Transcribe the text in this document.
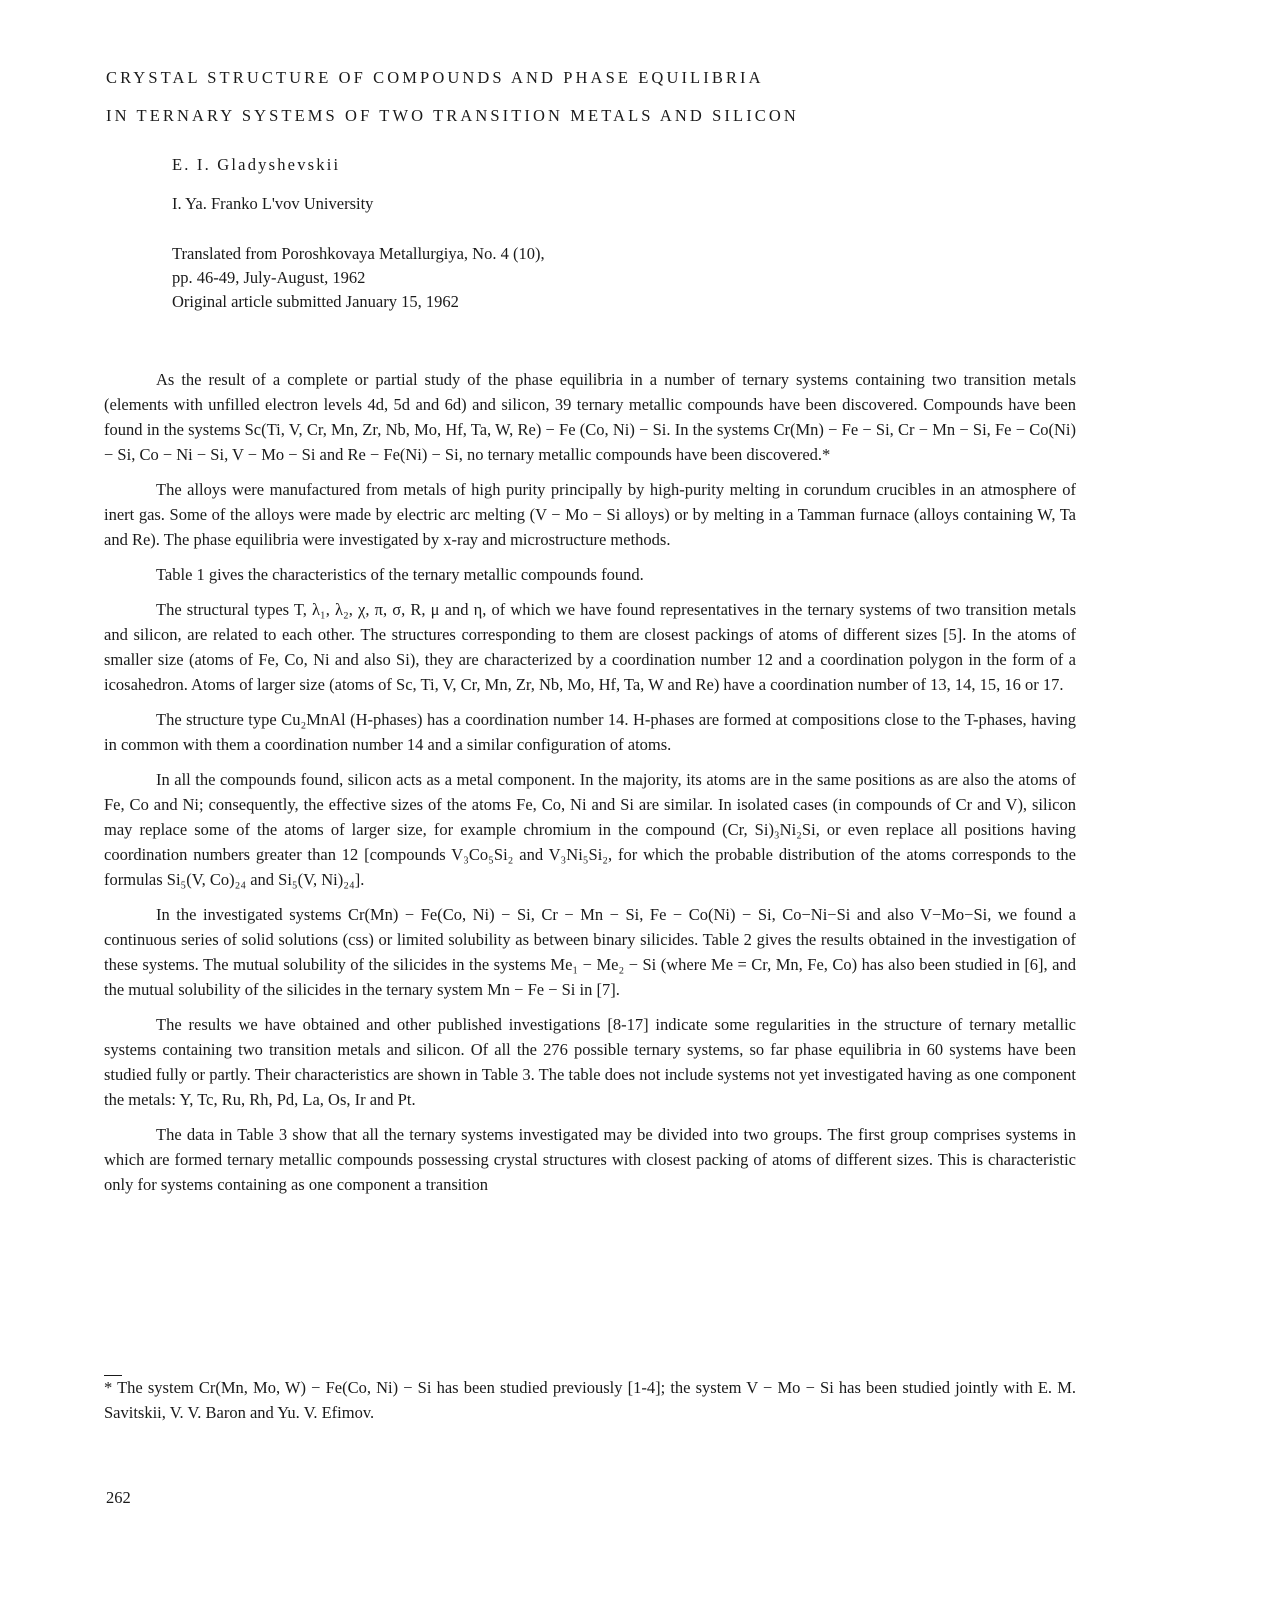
CRYSTAL STRUCTURE OF COMPOUNDS AND PHASE EQUILIBRIA
IN TERNARY SYSTEMS OF TWO TRANSITION METALS AND SILICON

E. I. Gladyshevskii

I. Ya. Franko L'vov University

Translated from Poroshkovaya Metallurgiya, No. 4 (10),
pp. 46-49, July-August, 1962
Original article submitted January 15, 1962

As the result of a complete or partial study of the phase equilibria in a number of ternary systems containing two transition metals (elements with unfilled electron levels 4d, 5d and 6d) and silicon, 39 ternary metallic compounds have been discovered. Compounds have been found in the systems Sc(Ti, V, Cr, Mn, Zr, Nb, Mo, Hf, Ta, W, Re) − Fe (Co, Ni) − Si. In the systems Cr(Mn) − Fe − Si, Cr − Mn − Si, Fe − Co(Ni) − Si, Co − Ni − Si, V − Mo − Si and Re − Fe(Ni) − Si, no ternary metallic compounds have been discovered.*

The alloys were manufactured from metals of high purity principally by high-purity melting in corundum crucibles in an atmosphere of inert gas. Some of the alloys were made by electric arc melting (V − Mo − Si alloys) or by melting in a Tamman furnace (alloys containing W, Ta and Re). The phase equilibria were investigated by x-ray and microstructure methods.

Table 1 gives the characteristics of the ternary metallic compounds found.

The structural types T, λ₁, λ₂, χ, π, σ, R, μ and η, of which we have found representatives in the ternary systems of two transition metals and silicon, are related to each other. The structures corresponding to them are closest packings of atoms of different sizes [5]. In the atoms of smaller size (atoms of Fe, Co, Ni and also Si), they are characterized by a coordination number 12 and a coordination polygon in the form of a icosahedron. Atoms of larger size (atoms of Sc, Ti, V, Cr, Mn, Zr, Nb, Mo, Hf, Ta, W and Re) have a coordination number of 13, 14, 15, 16 or 17.

The structure type Cu₂MnAl (H-phases) has a coordination number 14. H-phases are formed at compositions close to the T-phases, having in common with them a coordination number 14 and a similar configuration of atoms.

In all the compounds found, silicon acts as a metal component. In the majority, its atoms are in the same positions as are also the atoms of Fe, Co and Ni; consequently, the effective sizes of the atoms Fe, Co, Ni and Si are similar. In isolated cases (in compounds of Cr and V), silicon may replace some of the atoms of larger size, for example chromium in the compound (Cr, Si)₃Ni₂Si, or even replace all positions having coordination numbers greater than 12 [compounds V₃Co₅Si₂ and V₃Ni₅Si₂, for which the probable distribution of the atoms corresponds to the formulas Si₅(V, Co)₂₄ and Si₅(V, Ni)₂₄].

In the investigated systems Cr(Mn) − Fe(Co, Ni) − Si, Cr − Mn − Si, Fe − Co(Ni) − Si, Co−Ni−Si and also V−Mo−Si, we found a continuous series of solid solutions (css) or limited solubility as between binary silicides. Table 2 gives the results obtained in the investigation of these systems. The mutual solubility of the silicides in the systems Me₁ − Me₂ − Si (where Me = Cr, Mn, Fe, Co) has also been studied in [6], and the mutual solubility of the silicides in the ternary system Mn − Fe − Si in [7].

The results we have obtained and other published investigations [8-17] indicate some regularities in the structure of ternary metallic systems containing two transition metals and silicon. Of all the 276 possible ternary systems, so far phase equilibria in 60 systems have been studied fully or partly. Their characteristics are shown in Table 3. The table does not include systems not yet investigated having as one component the metals: Y, Tc, Ru, Rh, Pd, La, Os, Ir and Pt.

The data in Table 3 show that all the ternary systems investigated may be divided into two groups. The first group comprises systems in which are formed ternary metallic compounds possessing crystal structures with closest packing of atoms of different sizes. This is characteristic only for systems containing as one component a transition

* The system Cr(Mn, Mo, W) − Fe(Co, Ni) − Si has been studied previously [1-4]; the system V − Mo − Si has been studied jointly with E. M. Savitskii, V. V. Baron and Yu. V. Efimov.
262
